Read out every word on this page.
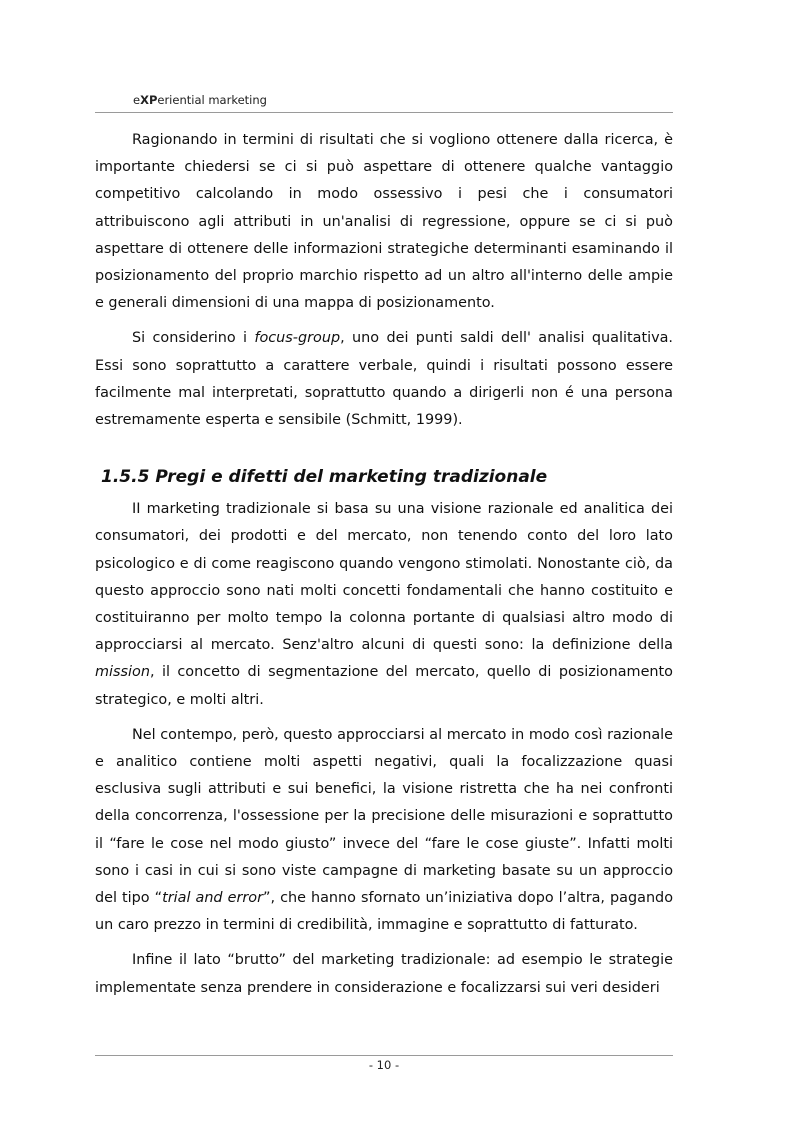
eXPeriential marketing

Ragionando in termini di risultati che si vogliono ottenere dalla ricerca, è importante chiedersi se ci si può aspettare di ottenere qualche vantaggio competitivo calcolando in modo ossessivo i pesi che i consumatori attribuiscono agli attributi in un'analisi di regressione, oppure se ci si può aspettare di ottenere delle informazioni strategiche determinanti esaminando il posizionamento del proprio marchio rispetto ad un altro all'interno delle ampie e generali dimensioni di una mappa di posizionamento.

Si considerino i focus-group, uno dei punti saldi dell' analisi qualitativa. Essi sono soprattutto a carattere verbale, quindi i risultati possono essere facilmente mal interpretati, soprattutto quando a dirigerli non é una persona estremamente esperta e sensibile (Schmitt, 1999).

1.5.5 Pregi e difetti del marketing tradizionale

II marketing tradizionale si basa su una visione razionale ed analitica dei consumatori, dei prodotti e del mercato, non tenendo conto del loro lato psicologico e di come reagiscono quando vengono stimolati. Nonostante ciò, da questo approccio sono nati molti concetti fondamentali che hanno costituito e costituiranno per molto tempo la colonna portante di qualsiasi altro modo di approcciarsi al mercato. Senz'altro alcuni di questi sono: la definizione della mission, il concetto di segmentazione del mercato, quello di posizionamento strategico, e molti altri.

Nel contempo, però, questo approcciarsi al mercato in modo così razionale e analitico contiene molti aspetti negativi, quali la focalizzazione quasi esclusiva sugli attributi e sui benefici, la visione ristretta che ha nei confronti della concorrenza, l'ossessione per la precisione delle misurazioni e soprattutto il “fare le cose nel modo giusto” invece del “fare le cose giuste”. Infatti molti sono i casi in cui si sono viste campagne di marketing basate su un approccio del tipo “trial and error”, che hanno sfornato un’iniziativa dopo l’altra, pagando un caro prezzo in termini di credibilità, immagine e soprattutto di fatturato.

Infine il lato “brutto” del marketing tradizionale: ad esempio le strategie implementate senza prendere in considerazione e focalizzarsi sui veri desideri

- 10 -
